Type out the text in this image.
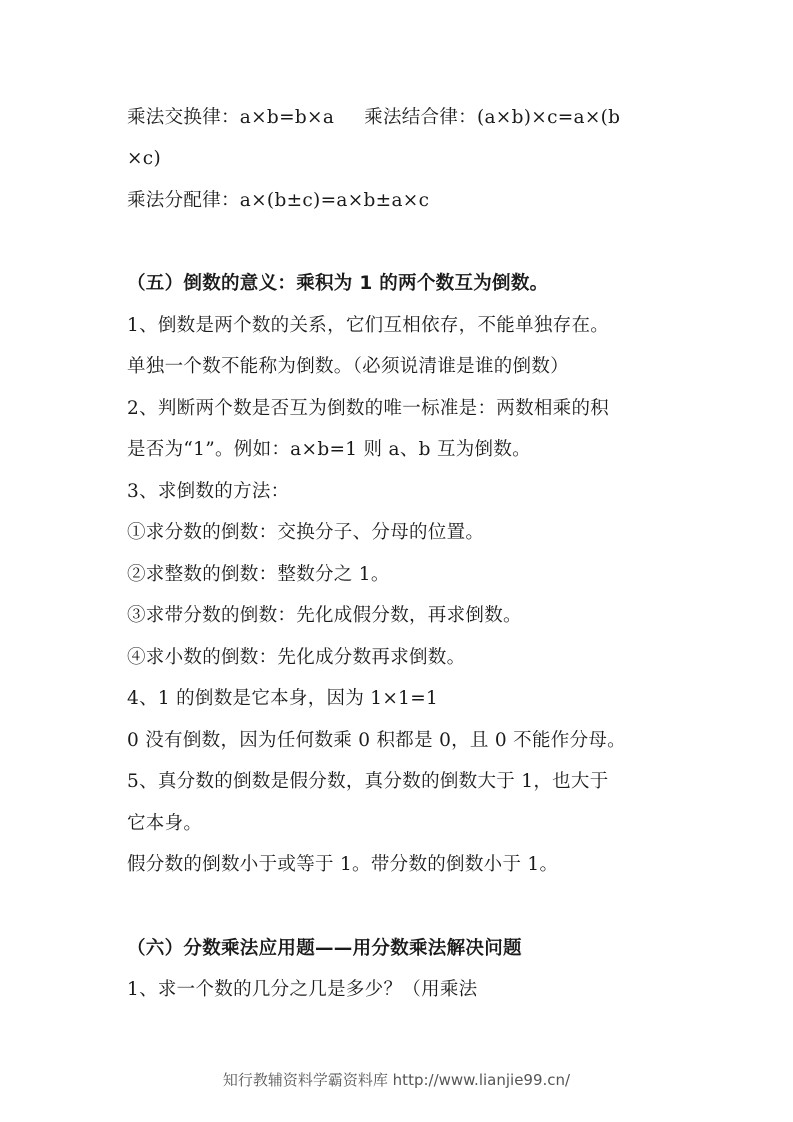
乘法交换律：a×b=b×a 乘法结合律：(a×b)×c=a×(b
×c)
乘法分配律：a×(b±c)=a×b±a×c
（五）倒数的意义：乘积为 1 的两个数互为倒数。
1、倒数是两个数的关系，它们互相依存，不能单独存在。
单独一个数不能称为倒数。（必须说清谁是谁的倒数）
2、判断两个数是否互为倒数的唯一标准是：两数相乘的积
是否为“1”。例如：a×b=1 则 a、b 互为倒数。
3、求倒数的方法：
①求分数的倒数：交换分子、分母的位置。
②求整数的倒数：整数分之 1。
③求带分数的倒数：先化成假分数，再求倒数。
④求小数的倒数：先化成分数再求倒数。
4、1 的倒数是它本身，因为 1×1=1
0 没有倒数，因为任何数乘 0 积都是 0，且 0 不能作分母。
5、真分数的倒数是假分数，真分数的倒数大于 1，也大于
它本身。
假分数的倒数小于或等于 1。带分数的倒数小于 1。
（六）分数乘法应用题——用分数乘法解决问题
1、求一个数的几分之几是多少？（用乘法
知行教辅资料学霸资料库 http://www.lianjie99.cn/
